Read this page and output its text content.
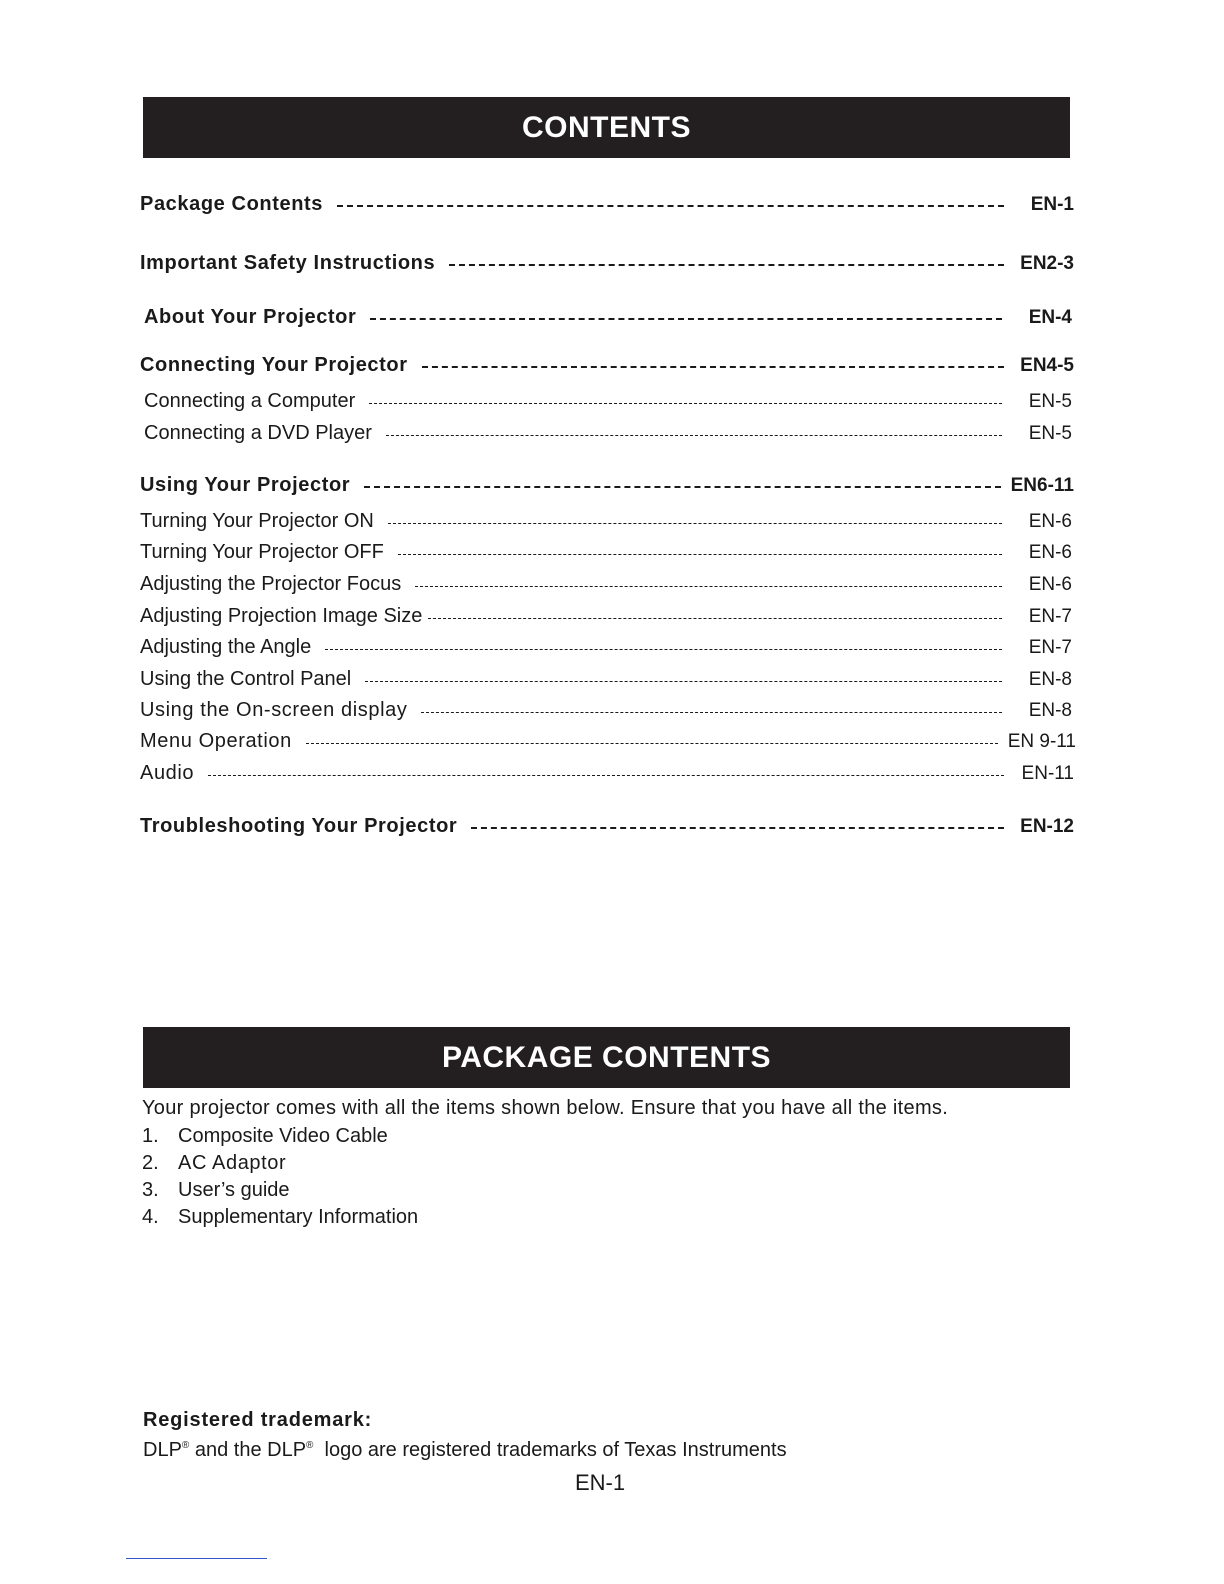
CONTENTS
Package Contents	EN-1
Important Safety Instructions	EN2-3
About Your Projector	EN-4
Connecting Your Projector	EN4-5
Connecting a Computer	EN-5
Connecting a DVD Player	EN-5
Using Your Projector	EN6-11
Turning Your Projector ON	EN-6
Turning Your Projector OFF	EN-6
Adjusting the Projector Focus	EN-6
Adjusting Projection Image Size	EN-7
Adjusting the Angle	EN-7
Using the Control Panel	EN-8
Using the On-screen display	EN-8
Menu Operation	EN 9-11
Audio	EN-11
Troubleshooting Your Projector	EN-12
PACKAGE CONTENTS
Your projector comes with all the items shown below. Ensure that you have all the items.
1. Composite Video Cable
2. AC Adaptor
3. User’s guide
4. Supplementary Information
Registered trademark:
DLP® and the DLP®  logo are registered trademarks of Texas Instruments
EN-1
